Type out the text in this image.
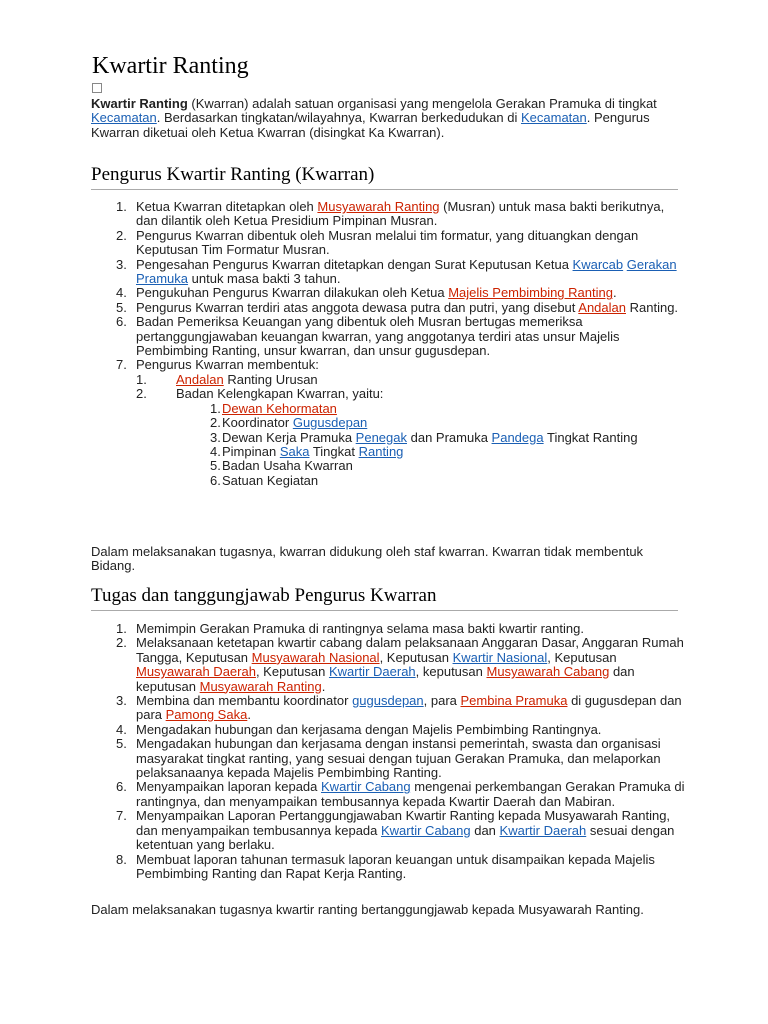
Kwartir Ranting

Kwartir Ranting (Kwarran) adalah satuan organisasi yang mengelola Gerakan Pramuka di tingkat Kecamatan. Berdasarkan tingkatan/wilayahnya, Kwarran berkedudukan di Kecamatan. Pengurus Kwarran diketuai oleh Ketua Kwarran (disingkat Ka Kwarran).

Pengurus Kwartir Ranting (Kwarran)
1. Ketua Kwarran ditetapkan oleh Musyawarah Ranting (Musran) untuk masa bakti berikutnya, dan dilantik oleh Ketua Presidium Pimpinan Musran.
2. Pengurus Kwarran dibentuk oleh Musran melalui tim formatur, yang dituangkan dengan Keputusan Tim Formatur Musran.
3. Pengesahan Pengurus Kwarran ditetapkan dengan Surat Keputusan Ketua Kwarcab Gerakan Pramuka untuk masa bakti 3 tahun.
4. Pengukuhan Pengurus Kwarran dilakukan oleh Ketua Majelis Pembimbing Ranting.
5. Pengurus Kwarran terdiri atas anggota dewasa putra dan putri, yang disebut Andalan Ranting.
6. Badan Pemeriksa Keuangan yang dibentuk oleh Musran bertugas memeriksa pertanggungjawaban keuangan kwarran, yang anggotanya terdiri atas unsur Majelis Pembimbing Ranting, unsur kwarran, dan unsur gugusdepan.
7. Pengurus Kwarran membentuk:
1. Andalan Ranting Urusan
2. Badan Kelengkapan Kwarran, yaitu:
1. Dewan Kehormatan
2. Koordinator Gugusdepan
3. Dewan Kerja Pramuka Penegak dan Pramuka Pandega Tingkat Ranting
4. Pimpinan Saka Tingkat Ranting
5. Badan Usaha Kwarran
6. Satuan Kegiatan

Dalam melaksanakan tugasnya, kwarran didukung oleh staf kwarran. Kwarran tidak membentuk Bidang.

Tugas dan tanggungjawab Pengurus Kwarran
1. Memimpin Gerakan Pramuka di rantingnya selama masa bakti kwartir ranting.
2. Melaksanaan ketetapan kwartir cabang dalam pelaksanaan Anggaran Dasar, Anggaran Rumah Tangga, Keputusan Musyawarah Nasional, Keputusan Kwartir Nasional, Keputusan Musyawarah Daerah, Keputusan Kwartir Daerah, keputusan Musyawarah Cabang dan keputusan Musyawarah Ranting.
3. Membina dan membantu koordinator gugusdepan, para Pembina Pramuka di gugusdepan dan para Pamong Saka.
4. Mengadakan hubungan dan kerjasama dengan Majelis Pembimbing Rantingnya.
5. Mengadakan hubungan dan kerjasama dengan instansi pemerintah, swasta dan organisasi masyarakat tingkat ranting, yang sesuai dengan tujuan Gerakan Pramuka, dan melaporkan pelaksanaanya kepada Majelis Pembimbing Ranting.
6. Menyampaikan laporan kepada Kwartir Cabang mengenai perkembangan Gerakan Pramuka di rantingnya, dan menyampaikan tembusannya kepada Kwartir Daerah dan Mabiran.
7. Menyampaikan Laporan Pertanggungjawaban Kwartir Ranting kepada Musyawarah Ranting, dan menyampaikan tembusannya kepada Kwartir Cabang dan Kwartir Daerah sesuai dengan ketentuan yang berlaku.
8. Membuat laporan tahunan termasuk laporan keuangan untuk disampaikan kepada Majelis Pembimbing Ranting dan Rapat Kerja Ranting.

Dalam melaksanakan tugasnya kwartir ranting bertanggungjawab kepada Musyawarah Ranting.
